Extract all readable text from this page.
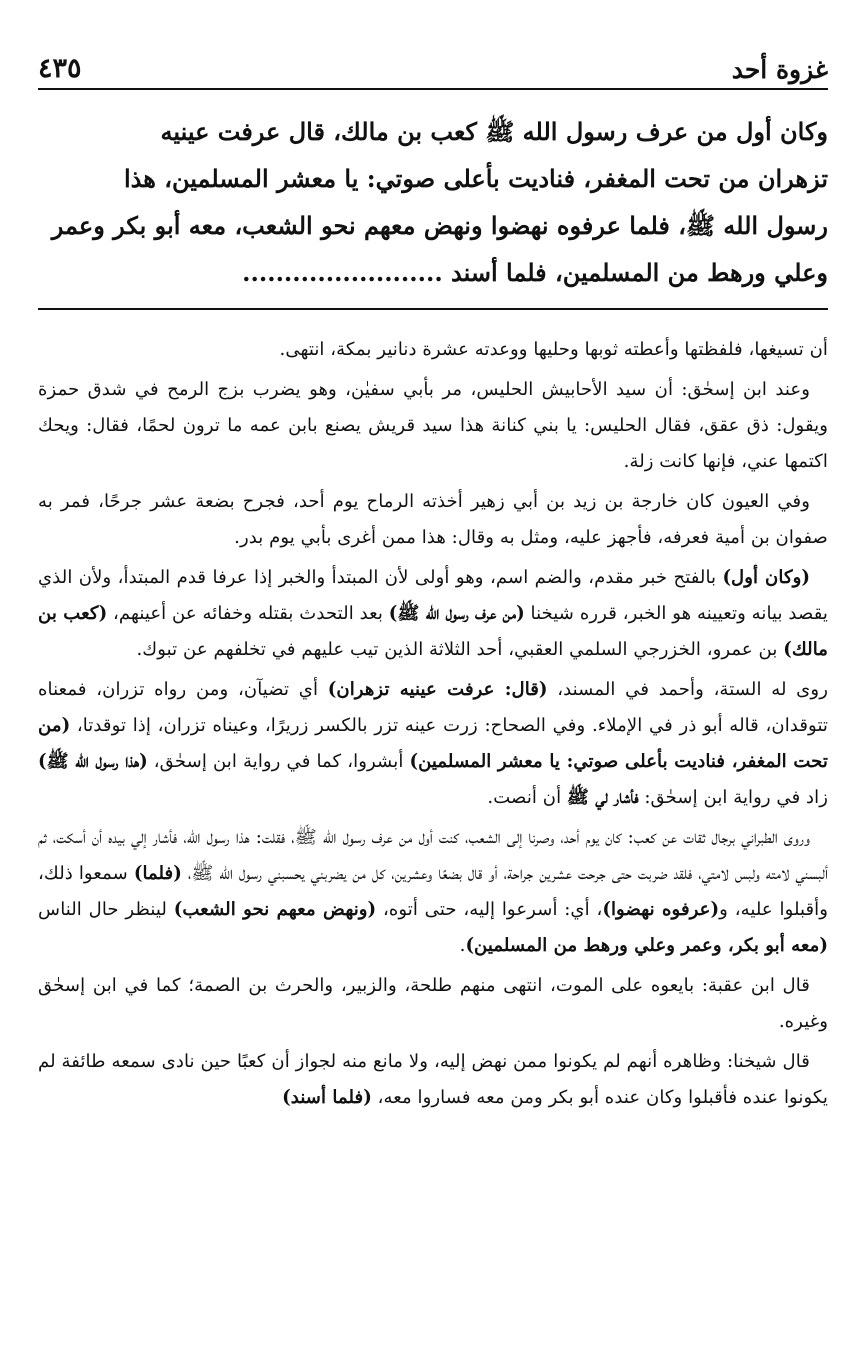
غزوة أحد
٤٣٥

وكان أول من عرف رسول الله ﷺ كعب بن مالك، قال عرفت عينيه

تزهران من تحت المغفر، فناديت بأعلى صوتي: يا معشر المسلمين، هذا

رسول الله ﷺ، فلما عرفوه نهضوا ونهض معهم نحو الشعب، معه أبو بكر وعمر

وعلي ورهط من المسلمين، فلما أسند ........................

أن تسيغها، فلفظتها وأعطته ثوبها وحليها ووعدته عشرة دنانير بمكة، انتهى.

وعند ابن إسحٰق: أن سيد الأحابيش الحليس، مر بأبي سفيٰن، وهو يضرب بزج الرمح في شدق حمزة ويقول: ذق عقق، فقال الحليس: يا بني كنانة هذا سيد قريش يصنع بابن عمه ما ترون لحمًا، فقال: ويحك اكتمها عني، فإنها كانت زلة.

وفي العيون كان خارجة بن زيد بن أبي زهير أخذته الرماح يوم أحد، فجرح بضعة عشر جرحًا، فمر به صفوان بن أمية فعرفه، فأجهز عليه، ومثل به وقال: هذا ممن أغرى بأبي يوم بدر.

(وكان أول) بالفتح خبر مقدم، والضم اسم، وهو أولى لأن المبتدأ والخبر إذا عرفا قدم المبتدأ، ولأن الذي يقصد بيانه وتعيينه هو الخبر، قرره شيخنا (من عرف رسول الله ﷺ) بعد التحدث بقتله وخفائه عن أعينهم، (كعب بن مالك) بن عمرو، الخزرجي السلمي العقبي، أحد الثلاثة الذين تيب عليهم في تخلفهم عن تبوك.

روى له الستة، وأحمد في المسند، (قال: عرفت عينيه تزهران) أي تضيآن، ومن رواه تزران، فمعناه تتوقدان، قاله أبو ذر في الإملاء. وفي الصحاح: زرت عينه تزر بالكسر زريرًا، وعيناه تزران، إذا توقدتا، (من تحت المغفر، فناديت بأعلى صوتي: يا معشر المسلمين) أبشروا، كما في رواية ابن إسحٰق، (هذا رسول الله ﷺ) زاد في رواية ابن إسحٰق: فأشار لي ﷺ أن أنصت.

وروى الطبراني برجال ثقات عن كعب: كان يوم أحد، وصرنا إلى الشعب، كنت أول من عرف رسول الله ﷺ، فقلت: هذا رسول الله، فأشار إلي بيده أن أسكت، ثم ألبسني لامته ولبس لامتي، فلقد ضربت حتى جرحت عشرين جراحة، أو قال بضعًا وعشرين، كل من يضربني يحسبني رسول الله ﷺ، (فلما) سمعوا ذلك، وأقبلوا عليه، و(عرفوه نهضوا)، أي: أسرعوا إليه، حتى أتوه، (ونهض معهم نحو الشعب) لينظر حال الناس (معه أبو بكر، وعمر وعلي ورهط من المسلمين).

قال ابن عقبة: بايعوه على الموت، انتهى منهم طلحة، والزبير، والحرث بن الصمة؛ كما في ابن إسحٰق وغيره.

قال شيخنا: وظاهره أنهم لم يكونوا ممن نهض إليه، ولا مانع منه لجواز أن كعبًا حين نادى سمعه طائفة لم يكونوا عنده فأقبلوا وكان عنده أبو بكر ومن معه فساروا معه، (فلما أسند)
